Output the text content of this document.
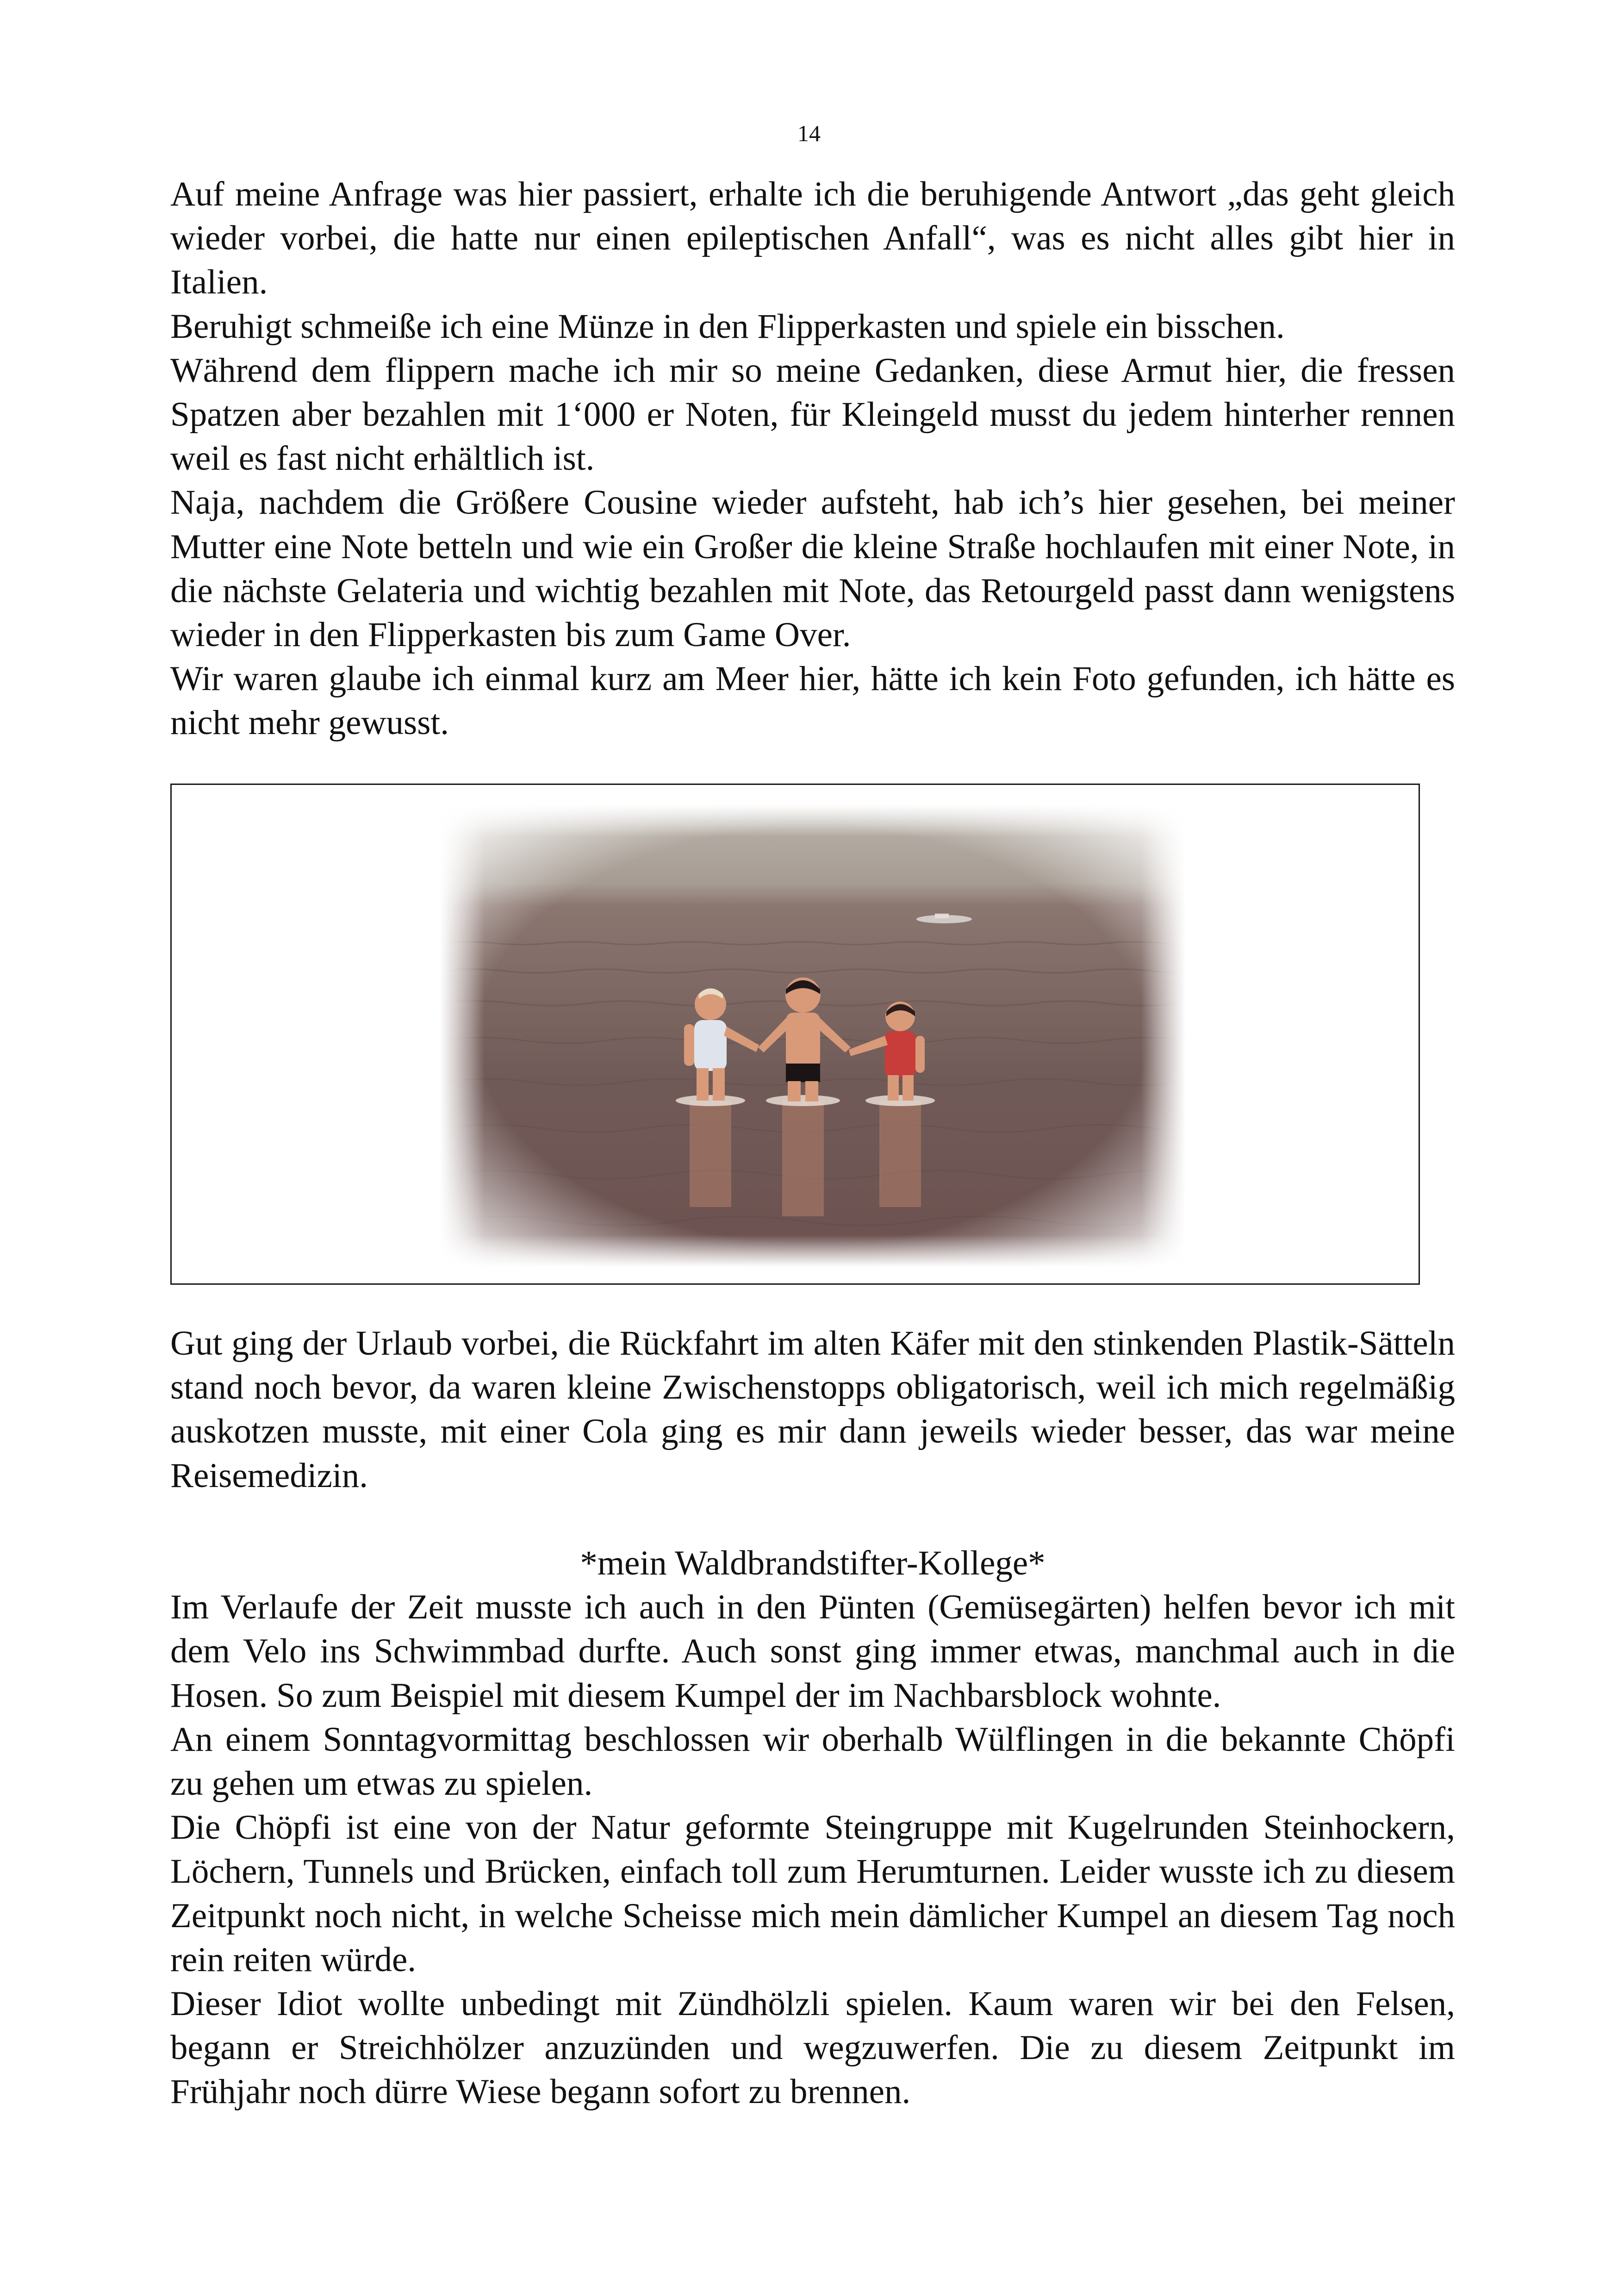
14

Auf meine Anfrage was hier passiert, erhalte ich die beruhigende Antwort „das geht gleich wieder vorbei, die hatte nur einen epileptischen Anfall“, was es nicht alles gibt hier in Italien.

Beruhigt schmeiße ich eine Münze in den Flipperkasten und spiele ein bisschen.

Während dem flippern mache ich mir so meine Gedanken, diese Armut hier, die fressen Spatzen aber bezahlen mit 1‘000 er Noten, für Kleingeld musst du jedem hinterher rennen weil es fast nicht erhältlich ist.

Naja, nachdem die Größere Cousine wieder aufsteht, hab ich’s hier gesehen, bei meiner Mutter eine Note betteln und wie ein Großer die kleine Straße hochlaufen mit einer Note, in die nächste Gelateria und wichtig bezahlen mit Note, das Retourgeld passt dann wenigstens wieder in den Flipperkasten bis zum Game Over.

Wir waren glaube ich einmal kurz am Meer hier, hätte ich kein Foto gefunden, ich hätte es nicht mehr gewusst.

Gut ging der Urlaub vorbei, die Rückfahrt im alten Käfer mit den stinkenden Plastik-Sätteln stand noch bevor, da waren kleine Zwischenstopps obligatorisch, weil ich mich regelmäßig auskotzen musste, mit einer Cola ging es mir dann jeweils wieder besser, das war meine Reisemedizin.

*mein Waldbrandstifter-Kollege*

Im Verlaufe der Zeit musste ich auch in den Pünten (Gemüsegärten) helfen bevor ich mit dem Velo ins Schwimmbad durfte. Auch sonst ging immer etwas, manchmal auch in die Hosen. So zum Beispiel mit diesem Kumpel der im Nachbarsblock wohnte.

An einem Sonntagvormittag beschlossen wir oberhalb Wülflingen in die bekannte Chöpfi zu gehen um etwas zu spielen.

Die Chöpfi ist eine von der Natur geformte Steingruppe mit Kugelrunden Steinhockern, Löchern, Tunnels und Brücken, einfach toll zum Herumturnen. Leider wusste ich zu diesem Zeitpunkt noch nicht, in welche Scheisse mich mein dämlicher Kumpel an diesem Tag noch rein reiten würde.

Dieser Idiot wollte unbedingt mit Zündhölzli spielen. Kaum waren wir bei den Felsen, begann er Streichhölzer anzuzünden und wegzuwerfen. Die zu diesem Zeitpunkt im Frühjahr noch dürre Wiese begann sofort zu brennen.
